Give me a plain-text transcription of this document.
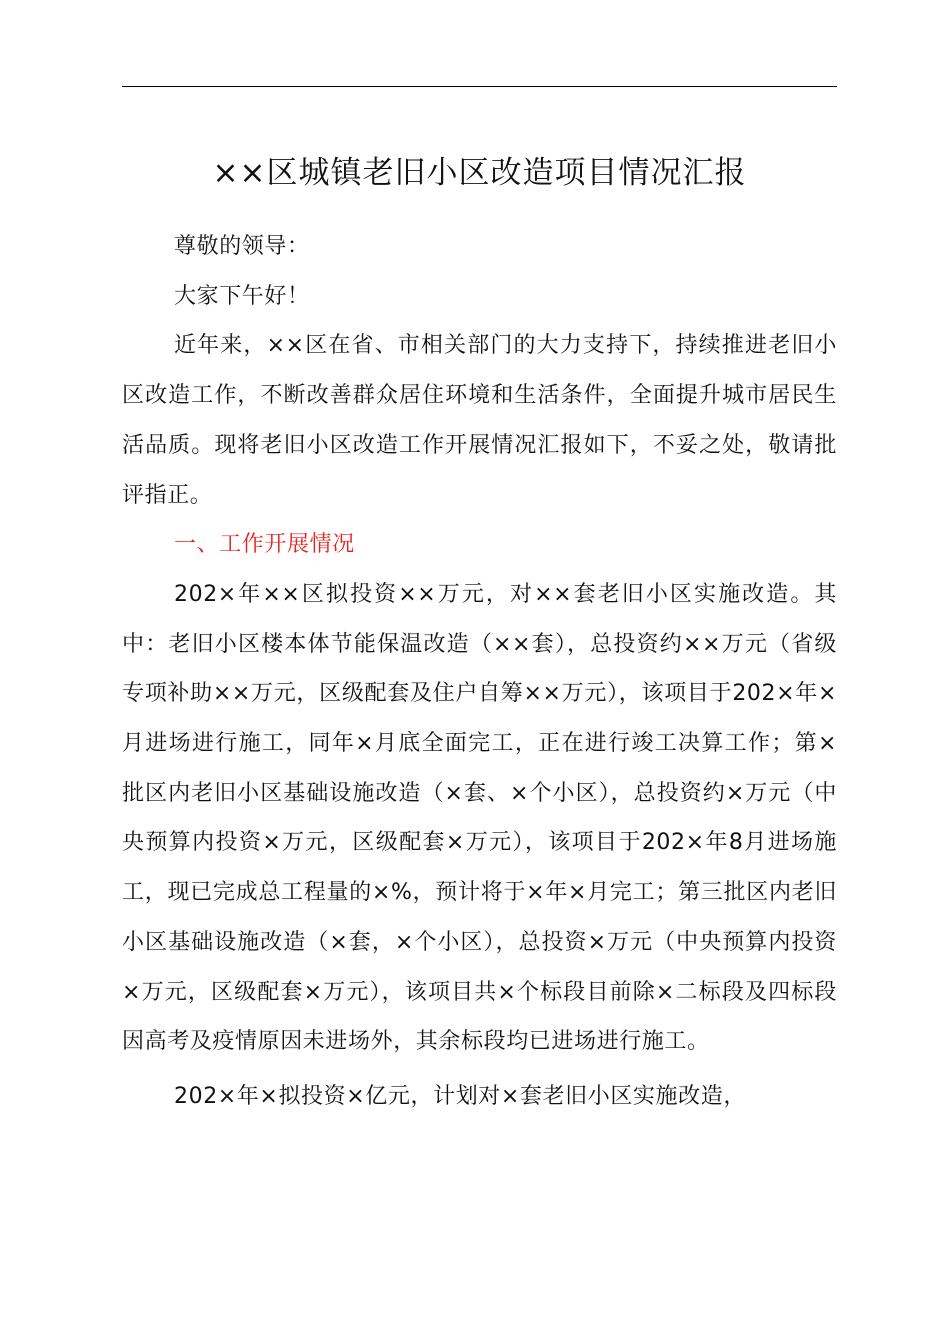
××区城镇老旧小区改造项目情况汇报

尊敬的领导：

大家下午好！

近年来，××区在省、市相关部门的大力支持下，持续推进老旧小区改造工作，不断改善群众居住环境和生活条件，全面提升城市居民生活品质。现将老旧小区改造工作开展情况汇报如下，不妥之处，敬请批评指正。

一、工作开展情况

202×年××区拟投资××万元，对××套老旧小区实施改造。其中：老旧小区楼本体节能保温改造（××套），总投资约××万元（省级专项补助××万元，区级配套及住户自筹××万元），该项目于202×年×月进场进行施工，同年×月底全面完工，正在进行竣工决算工作；第×批区内老旧小区基础设施改造（×套、×个小区），总投资约×万元（中央预算内投资×万元，区级配套×万元），该项目于202×年8月进场施工，现已完成总工程量的×%，预计将于×年×月完工；第三批区内老旧小区基础设施改造（×套，×个小区），总投资×万元（中央预算内投资×万元，区级配套×万元），该项目共×个标段目前除×二标段及四标段因高考及疫情原因未进场外，其余标段均已进场进行施工。

202×年×拟投资×亿元，计划对×套老旧小区实施改造，
